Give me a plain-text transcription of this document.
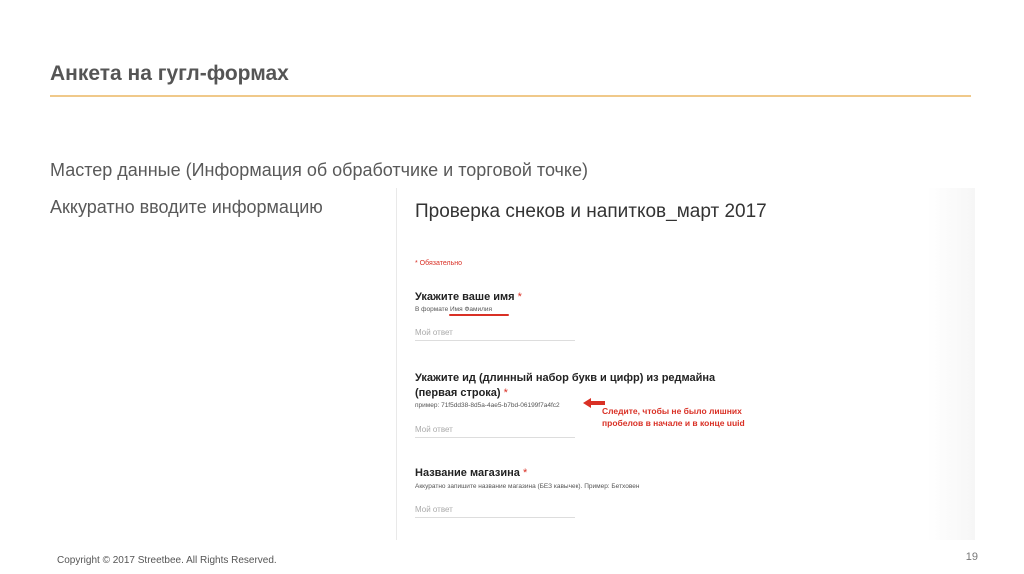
Анкета на гугл-формах
Мастер данные (Информация об обработчике и торговой точке)
Аккуратно вводите информацию	Проверка снеков и напитков_март 2017
* Обязательно
Укажите ваше имя *
В формате Имя Фамилия
Мой ответ
Укажите ид (длинный набор букв и цифр) из редмайна (первая строка) *
пример: 71f5dd38-8d5a-4ae5-b7bd-06199f7a4fc2
Мой ответ
Следите, чтобы не было лишних пробелов в начале и в конце uuid
Название магазина *
Аккуратно запишите название магазина (БЕЗ кавычек). Пример: Бетховен
Мой ответ
Copyright © 2017 Streetbee. All Rights Reserved.	19
